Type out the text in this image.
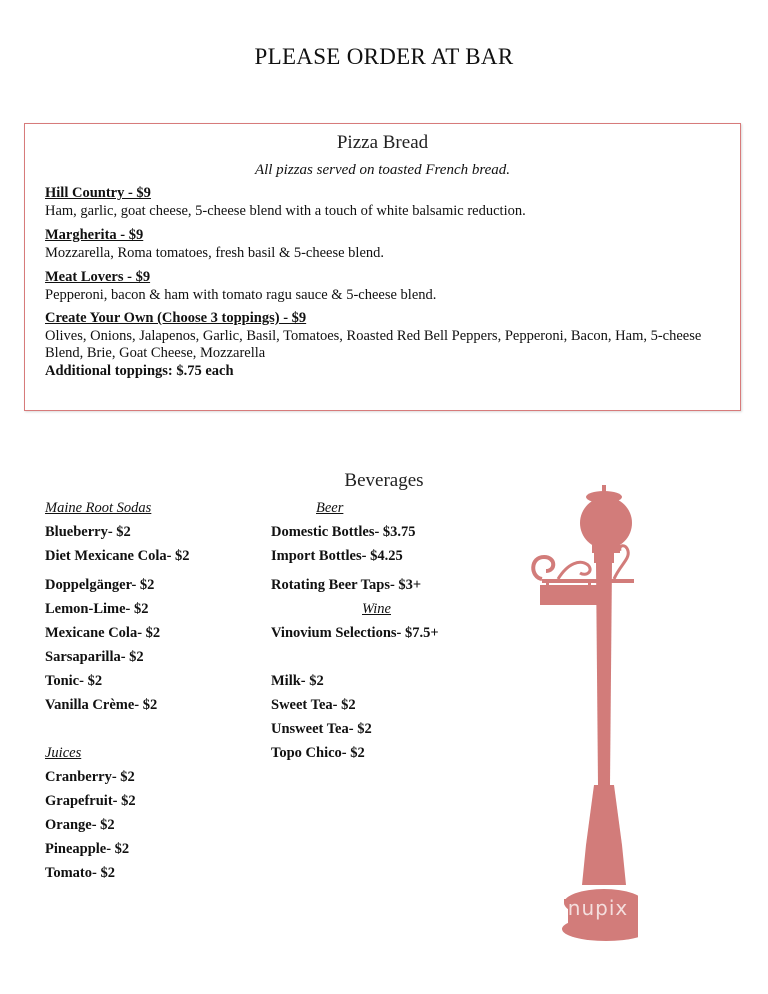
PLEASE ORDER AT BAR
Pizza Bread
All pizzas served on toasted French bread.
Hill Country - $9
Ham, garlic, goat cheese, 5-cheese blend with a touch of white balsamic reduction.
Margherita - $9
Mozzarella, Roma tomatoes, fresh basil & 5-cheese blend.
Meat Lovers - $9
Pepperoni, bacon & ham with tomato ragu sauce & 5-cheese blend.
Create Your Own (Choose 3 toppings) - $9
Olives, Onions, Jalapenos, Garlic, Basil, Tomatoes, Roasted Red Bell Peppers, Pepperoni, Bacon, Ham, 5-cheese Blend, Brie, Goat Cheese, Mozzarella
Additional toppings: $.75 each
Beverages
Maine Root Sodas
Blueberry- $2
Diet Mexicane Cola- $2
Doppelgänger- $2
Lemon-Lime- $2
Mexicane Cola- $2
Sarsaparilla- $2
Tonic- $2
Vanilla Crème- $2
Juices
Cranberry- $2
Grapefruit- $2
Orange- $2
Pineapple- $2
Tomato- $2
Beer
Domestic Bottles- $3.75
Import Bottles- $4.25
Rotating Beer Taps- $3+
Wine
Vinovium Selections- $7.5+
Milk- $2
Sweet Tea- $2
Unsweet Tea- $2
Topo Chico- $2
menupix
